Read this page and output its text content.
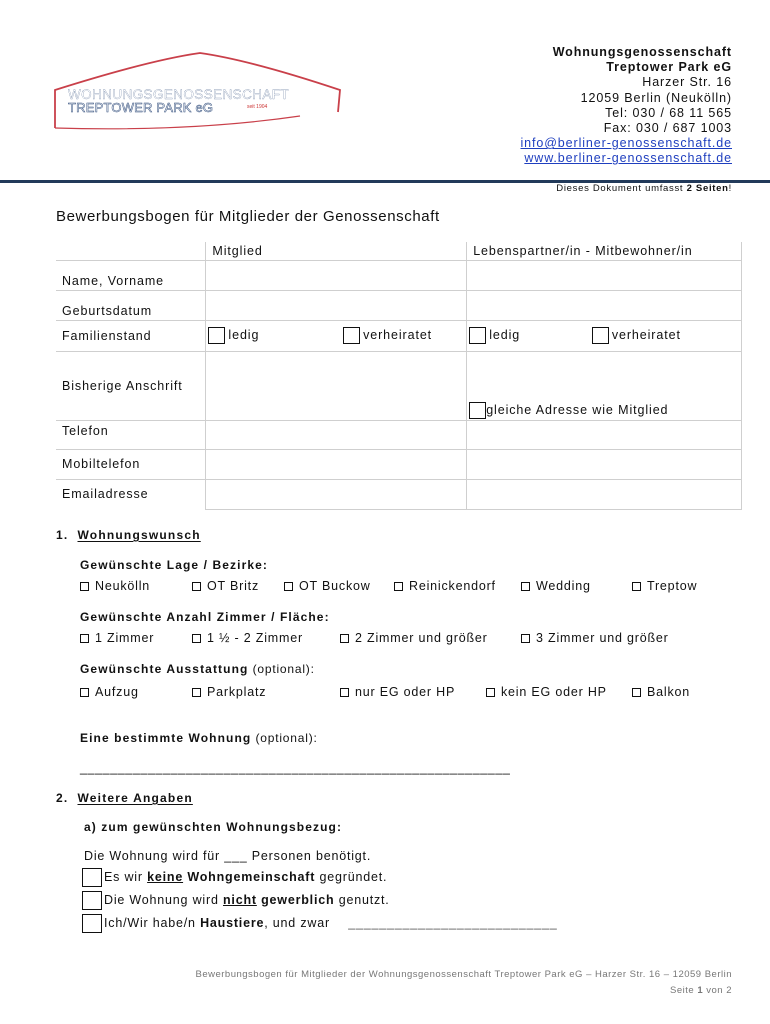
WOHNUNGSGENOSSENSCHAFT
TREPTOWER PARK eG	seit 1904
Wohnungsgenossenschaft
Treptower Park eG
Harzer Str. 16
12059 Berlin (Neukölln)
Tel: 030 / 68 11 565
Fax: 030 / 687 1003
info@berliner-genossenschaft.de
www.berliner-genossenschaft.de
Dieses Dokument umfasst 2 Seiten!
Bewerbungsbogen für Mitglieder der Genossenschaft
	Mitglied	Lebenspartner/in - Mitbewohner/in
Name, Vorname		
Geburtsdatum		
Familienstand	ledig verheiratet	ledig verheiratet
Bisherige Anschrift		gleiche Adresse wie Mitglied
Telefon		
Mobiltelefon		
Emailadresse		
1. Wohnungswunsch
Gewünschte Lage / Bezirke:
Neukölln	OT Britz	OT Buckow	Reinickendorf	Wedding	Treptow
Gewünschte Anzahl Zimmer / Fläche:
1 Zimmer	1 ½ - 2 Zimmer	2 Zimmer und größer	3 Zimmer und größer
Gewünschte Ausstattung (optional):
Aufzug	Parkplatz	nur EG oder HP	kein EG oder HP	Balkon
Eine bestimmte Wohnung (optional):
_________________________________________________________
2. Weitere Angaben
a) zum gewünschten Wohnungsbezug:
Die Wohnung wird für ___ Personen benötigt.
Es wir keine Wohngemeinschaft gegründet.
Die Wohnung wird nicht gewerblich genutzt.
Ich/Wir habe/n Haustiere, und zwar ___________________________
Bewerbungsbogen für Mitglieder der Wohnungsgenossenschaft Treptower Park eG – Harzer Str. 16 – 12059 Berlin
Seite 1 von 2
